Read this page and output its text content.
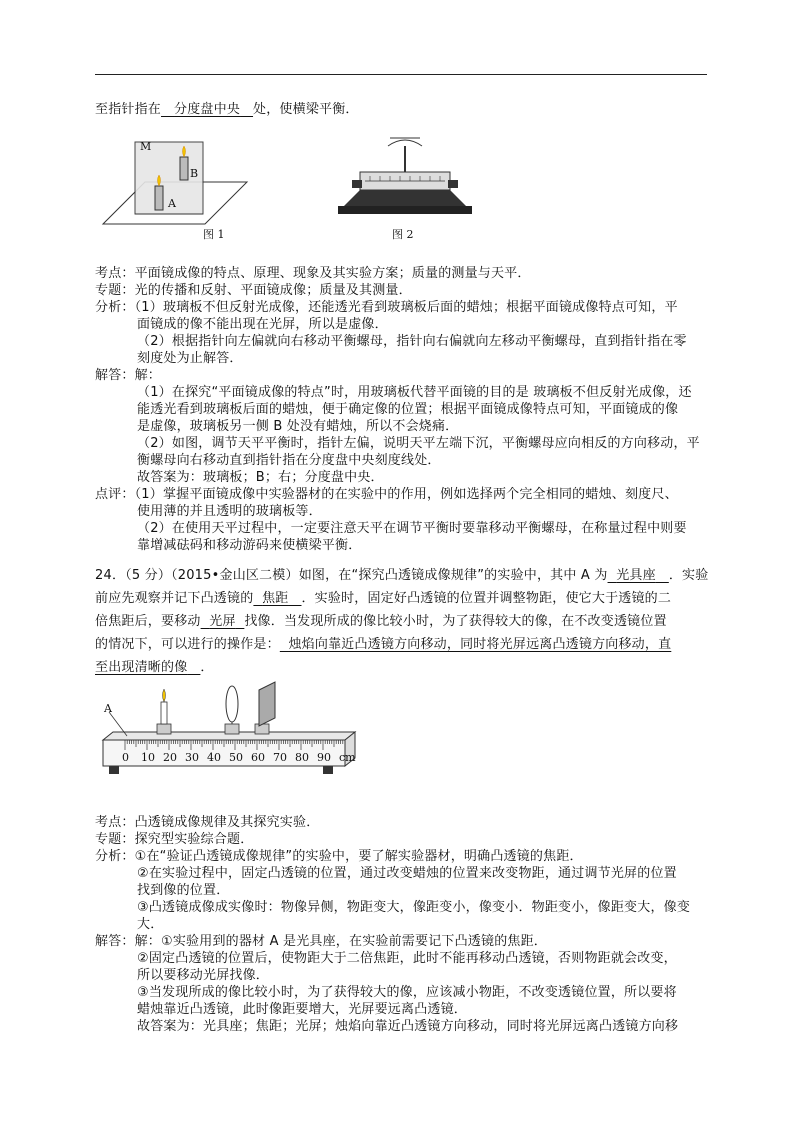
至指针指在 分度盘中央 处，使横梁平衡．
M
A
B
图 1	图 2
考点：平面镜成像的特点、原理、现象及其实验方案；质量的测量与天平．
专题：光的传播和反射、平面镜成像；质量及其测量．
分析：（1）玻璃板不但反射光成像，还能透光看到玻璃板后面的蜡烛；根据平面镜成像特点可知，平
面镜成的像不能出现在光屏，所以是虚像．
（2）根据指针向左偏就向右移动平衡螺母，指针向右偏就向左移动平衡螺母，直到指针指在零
刻度处为止解答．
解答：解：
（1）在探究“平面镜成像的特点”时，用玻璃板代替平面镜的目的是 玻璃板不但反射光成像，还
能透光看到玻璃板后面的蜡烛，便于确定像的位置；根据平面镜成像特点可知，平面镜成的像
是虚像，玻璃板另一侧 B 处没有蜡烛，所以不会烧痛．
（2）如图，调节天平平衡时，指针左偏，说明天平左端下沉，平衡螺母应向相反的方向移动，平
衡螺母向右移动直到指针指在分度盘中央刻度线处．
故答案为：玻璃板；B；右；分度盘中央．
点评：（1）掌握平面镜成像中实验器材的在实验中的作用，例如选择两个完全相同的蜡烛、刻度尺、
使用薄的并且透明的玻璃板等．
（2）在使用天平过程中，一定要注意天平在调节平衡时要靠移动平衡螺母，在称量过程中则要
靠增减砝码和移动游码来使横梁平衡．
24．（5 分）（2015•金山区二模）如图，在“探究凸透镜成像规律”的实验中，其中 A 为 光具座 ．实验
前应先观察并记下凸透镜的 焦距 ．实验时，固定好凸透镜的位置并调整物距，使它大于透镜的二
倍焦距后，要移动 光屏 找像．当发现所成的像比较小时，为了获得较大的像，在不改变透镜位置
的情况下，可以进行的操作是： 烛焰向靠近凸透镜方向移动，同时将光屏远离凸透镜方向移动，直
至出现清晰的像 ．
A
0 10 20 30 40 50 60 70 80 90 cm
考点：凸透镜成像规律及其探究实验．
专题：探究型实验综合题．
分析：①在“验证凸透镜成像规律”的实验中，要了解实验器材，明确凸透镜的焦距．
②在实验过程中，固定凸透镜的位置，通过改变蜡烛的位置来改变物距，通过调节光屏的位置
找到像的位置．
③凸透镜成像成实像时：物像异侧，物距变大，像距变小，像变小．物距变小，像距变大，像变
大．
解答：解：①实验用到的器材 A 是光具座，在实验前需要记下凸透镜的焦距．
②固定凸透镜的位置后，使物距大于二倍焦距，此时不能再移动凸透镜，否则物距就会改变，
所以要移动光屏找像．
③当发现所成的像比较小时，为了获得较大的像，应该减小物距，不改变透镜位置，所以要将
蜡烛靠近凸透镜，此时像距要增大，光屏要远离凸透镜．
故答案为：光具座；焦距；光屏；烛焰向靠近凸透镜方向移动，同时将光屏远离凸透镜方向移
